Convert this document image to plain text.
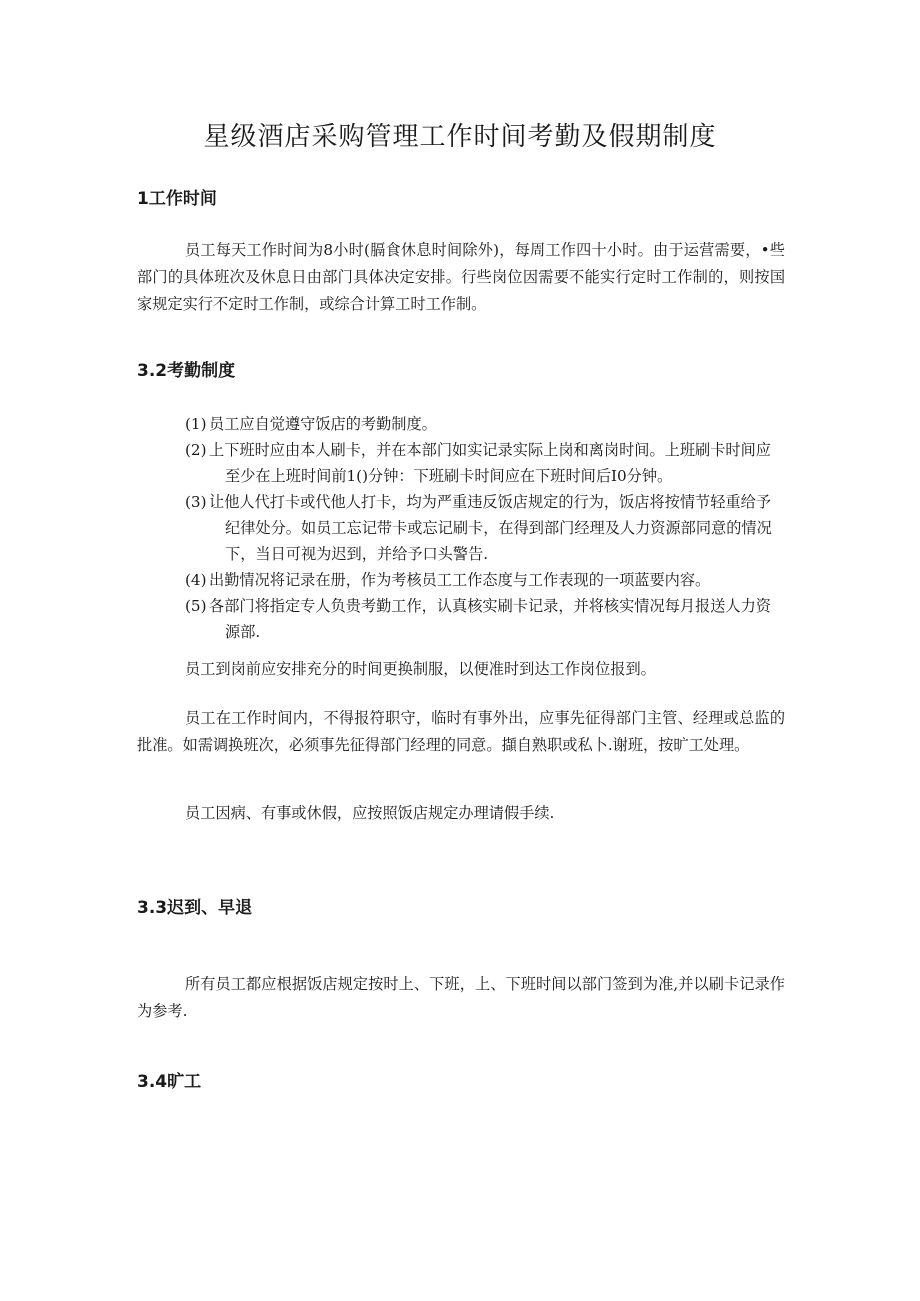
星级酒店采购管理工作时间考勤及假期制度
1工作时间

员工每天工作时间为8小时(膈食休息时间除外)，每周工作四十小时。由于运营需要，•些部门的具体班次及休息日由部门具体决定安排。行些岗位因需要不能实行定时工作制的，则按国家规定实行不定时工作制，或综合计算工时工作制。

3.2考勤制度
(1) 员工应自觉遵守饭店的考勤制度。
(2) 上下班时应由本人刷卡，并在本部门如实记录实际上岗和离岗时间。上班刷卡时间应至少在上班时间前1()分钟：下班刷卡时间应在下班时间后I0分钟。
(3) 让他人代打卡或代他人打卡，均为严重违反饭店规定的行为，饭店将按情节轻重给予纪律处分。如员工忘记带卡或忘记刷卡，在得到部门经理及人力资源部同意的情况下，当日可视为迟到，并给予口头警告.
(4) 出勤情况将记录在册，作为考核员工工作态度与工作表现的一项蓝要内容。
(5) 各部门将指定专人负贵考勤工作，认真核实刷卡记录，并将核实情况每月报送人力资源部.

员工到岗前应安排充分的时间更换制服，以便准时到达工作岗位报到。

员工在工作时间内，不得报符职守，临时有事外出，应事先征得部门主管、经理或总监的批准。如需调换班次，必须事先征得部门经理的同意。擷自熟职或私卜.谢班，按旷工处理。

员工因病、有事或休假，应按照饭店规定办理请假手续.

3.3迟到、早退

所有员工都应根据饭店规定按时上、下班，上、下班时间以部门签到为准,并以刷卡记录作为参考.

3.4旷工
